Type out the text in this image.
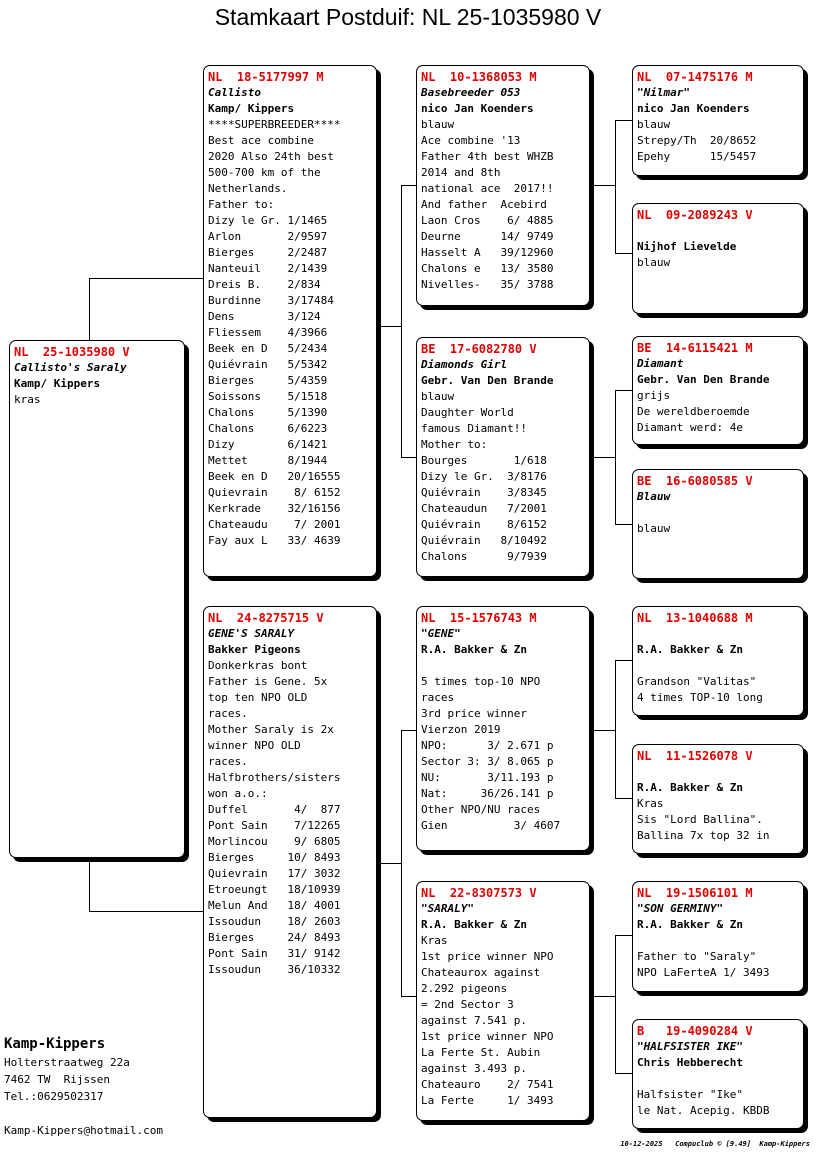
Stamkaart Postduif: NL 25-1035980 V
NL  25-1035980 V
Callisto's Saraly
Kamp/ Kippers
kras
NL  18-5177997 M
Callisto
Kamp/ Kippers
****SUPERBREEDER****
Best ace combine
2020 Also 24th best
500-700 km of the
Netherlands.
Father to:
Dizy le Gr. 1/1465
Arlon       2/9597
Bierges     2/2487
Nanteuil    2/1439
Dreis B.    2/834
Burdinne    3/17484
Dens        3/124
Fliessem    4/3966
Beek en D   5/2434
Quiévrain   5/5342
Bierges     5/4359
Soissons    5/1518
Chalons     5/1390
Chalons     6/6223
Dizy        6/1421
Mettet      8/1944
Beek en D   20/16555
Quievrain    8/ 6152
Kerkrade    32/16156
Chateaudu    7/ 2001
Fay aux L   33/ 4639
NL  24-8275715 V
GENE'S SARALY
Bakker Pigeons
Donkerkras bont
Father is Gene. 5x
top ten NPO OLD
races.
Mother Saraly is 2x
winner NPO OLD
races.
Halfbrothers/sisters
won a.o.:
Duffel       4/  877
Pont Sain    7/12265
Morlincou    9/ 6805
Bierges     10/ 8493
Quievrain   17/ 3032
Etroeungt   18/10939
Melun And   18/ 4001
Issoudun    18/ 2603
Bierges     24/ 8493
Pont Sain   31/ 9142
Issoudun    36/10332
NL  10-1368053 M
Basebreeder 053
nico Jan Koenders
blauw
Ace combine '13
Father 4th best WHZB
2014 and 8th
national ace  2017!!
And father  Acebird
Laon Cros    6/ 4885
Deurne      14/ 9749
Hasselt A   39/12960
Chalons e   13/ 3580
Nivelles-   35/ 3788
BE  17-6082780 V
Diamonds Girl
Gebr. Van Den Brande
blauw
Daughter World
famous Diamant!!
Mother to:
Bourges       1/618
Dizy le Gr.  3/8176
Quiévrain    3/8345
Chateaudun   7/2001
Quiévrain    8/6152
Quiévrain   8/10492
Chalons      9/7939
NL  15-1576743 M
"GENE"
R.A. Bakker & Zn

5 times top-10 NPO
races
3rd price winner
Vierzon 2019
NPO:      3/ 2.671 p
Sector 3: 3/ 8.065 p
NU:       3/11.193 p
Nat:     36/26.141 p
Other NPO/NU races
Gien          3/ 4607
NL  22-8307573 V
"SARALY"
R.A. Bakker & Zn
Kras
1st price winner NPO
Chateaurox against
2.292 pigeons
= 2nd Sector 3
against 7.541 p.
1st price winner NPO
La Ferte St. Aubin
against 3.493 p.
Chateauro    2/ 7541
La Ferte     1/ 3493
NL  07-1475176 M
"Nilmar"
nico Jan Koenders
blauw
Strepy/Th  20/8652
Epehy      15/5457
NL  09-2089243 V

Nijhof Lievelde
blauw
BE  14-6115421 M
Diamant
Gebr. Van Den Brande
grijs
De wereldberoemde
Diamant werd: 4e
BE  16-6080585 V
Blauw

blauw
NL  13-1040688 M

R.A. Bakker & Zn

Grandson "Valitas"
4 times TOP-10 long
NL  11-1526078 V

R.A. Bakker & Zn
Kras
Sis "Lord Ballina".
Ballina 7x top 32 in
NL  19-1506101 M
"SON GERMINY"
R.A. Bakker & Zn

Father to "Saraly"
NPO LaFerteA 1/ 3493
B   19-4090284 V
"HALFSISTER IKE"
Chris Hebberecht

Halfsister "Ike"
le Nat. Acepig. KBDB
Kamp-Kippers
Holterstraatweg 22a
7462 TW  Rijssen
Tel.:0629502317
Kamp-Kippers@hotmail.com
10-12-2025   Compuclub © [9.49]  Kamp-Kippers
